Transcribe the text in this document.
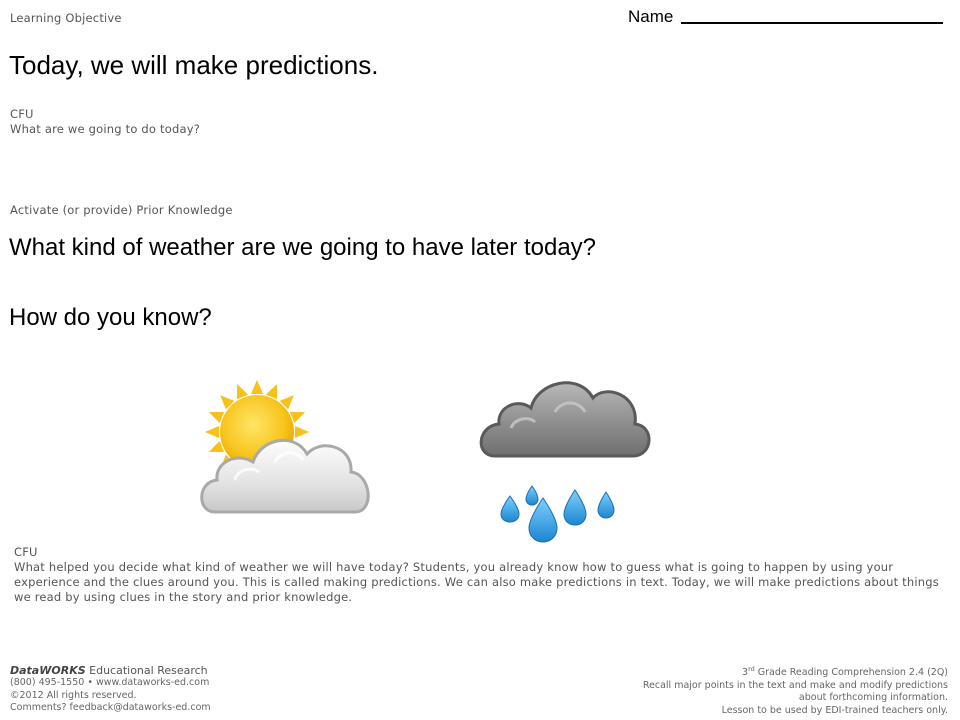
Learning Objective	Name
Today, we will make predictions.
CFU
What are we going to do today?
Activate (or provide) Prior Knowledge
What kind of weather are we going to have later today?
How do you know?
CFU
What helped you decide what kind of weather we will have today? Students, you already know how to guess what is going to happen by using your experience and the clues around you. This is called making predictions. We can also make predictions in text. Today, we will make predictions about things we read by using clues in the story and prior knowledge.
DataWORKS Educational Research
(800) 495-1550 • www.dataworks-ed.com
©2012 All rights reserved.
Comments? feedback@dataworks-ed.com
3rd Grade Reading Comprehension 2.4 (2Q)
Recall major points in the text and make and modify predictions
about forthcoming information.
Lesson to be used by EDI-trained teachers only.
